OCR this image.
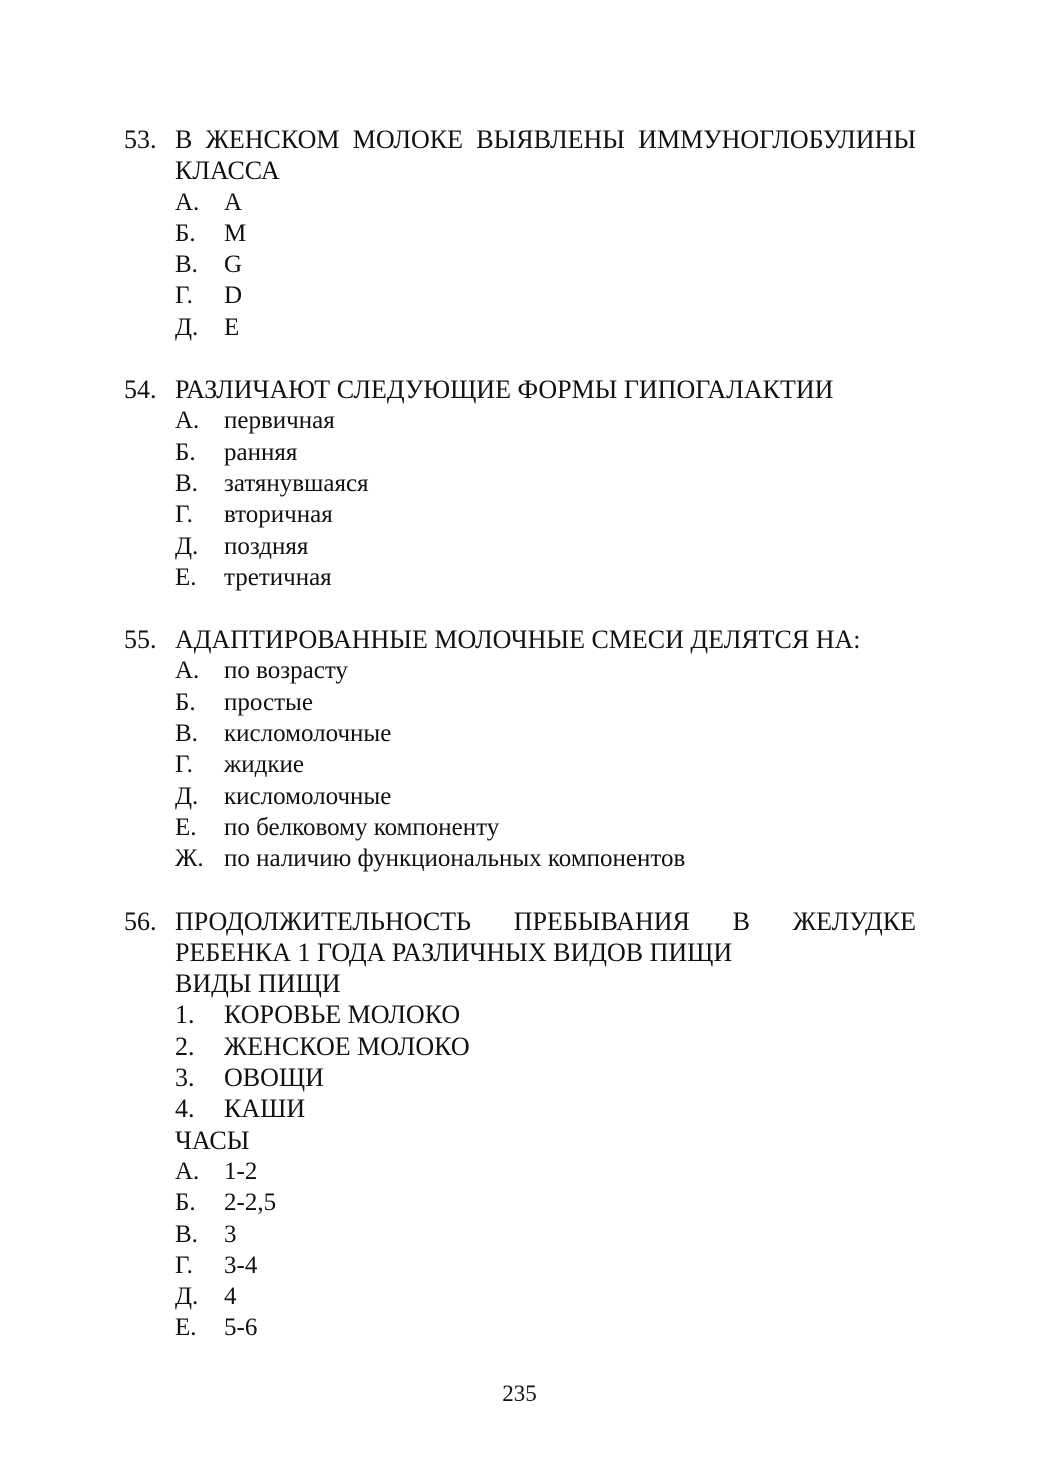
53. В ЖЕНСКОМ МОЛОКЕ ВЫЯВЛЕНЫ ИММУНОГЛОБУЛИНЫ КЛАССА
А. A
Б. M
В. G
Г. D
Д. E
54. РАЗЛИЧАЮТ СЛЕДУЮЩИЕ ФОРМЫ ГИПОГАЛАКТИИ
А. первичная
Б. ранняя
В. затянувшаяся
Г. вторичная
Д. поздняя
Е. третичная
55. АДАПТИРОВАННЫЕ МОЛОЧНЫЕ СМЕСИ ДЕЛЯТСЯ НА:
А. по возрасту
Б. простые
В. кисломолочные
Г. жидкие
Д. кисломолочные
Е. по белковому компоненту
Ж. по наличию функциональных компонентов
56. ПРОДОЛЖИТЕЛЬНОСТЬ ПРЕБЫВАНИЯ В ЖЕЛУДКЕ РЕБЕНКА 1 ГОДА РАЗЛИЧНЫХ ВИДОВ ПИЩИ
ВИДЫ ПИЩИ
1. КОРОВЬЕ МОЛОКО
2. ЖЕНСКОЕ МОЛОКО
3. ОВОЩИ
4. КАШИ
ЧАСЫ
А. 1-2
Б. 2-2,5
В. 3
Г. 3-4
Д. 4
Е. 5-6
235
